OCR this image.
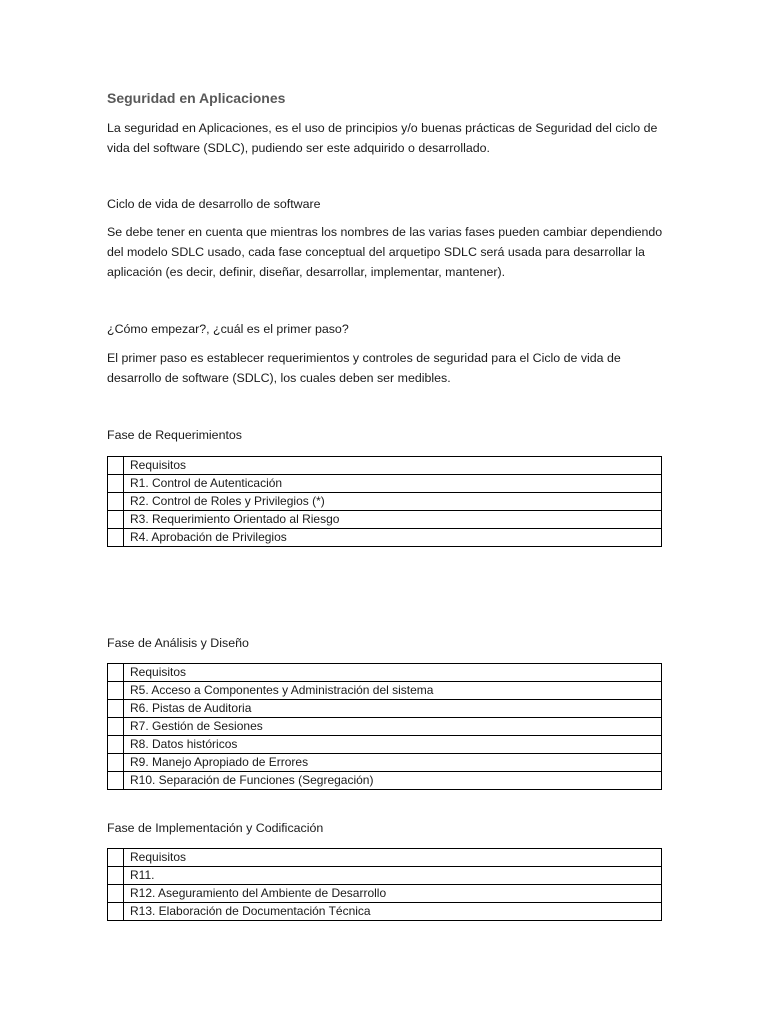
Seguridad en Aplicaciones

La seguridad en Aplicaciones, es el uso de principios y/o buenas prácticas de Seguridad del ciclo de vida del software (SDLC), pudiendo ser este adquirido o desarrollado.

Ciclo de vida de desarrollo de software

Se debe tener en cuenta que mientras los nombres de las varias fases pueden cambiar dependiendo del modelo SDLC usado, cada fase conceptual del arquetipo SDLC será usada para desarrollar la aplicación (es decir, definir, diseñar, desarrollar, implementar, mantener).

¿Cómo empezar?, ¿cuál es el primer paso?

El primer paso es establecer requerimientos y controles de seguridad para el Ciclo de vida de desarrollo de software (SDLC), los cuales deben ser medibles.

Fase de Requerimientos

	Requisitos
	R1. Control de Autenticación
	R2. Control de Roles y Privilegios (*)
	R3. Requerimiento Orientado al Riesgo
	R4. Aprobación de Privilegios

Fase de Análisis y Diseño

	Requisitos
	R5. Acceso a Componentes y Administración del sistema
	R6. Pistas de Auditoria
	R7. Gestión de Sesiones
	R8. Datos históricos
	R9. Manejo Apropiado de Errores
	R10. Separación de Funciones (Segregación)

Fase de Implementación y Codificación

	Requisitos
	R11.
	R12. Aseguramiento del Ambiente de Desarrollo
	R13. Elaboración de Documentación Técnica
